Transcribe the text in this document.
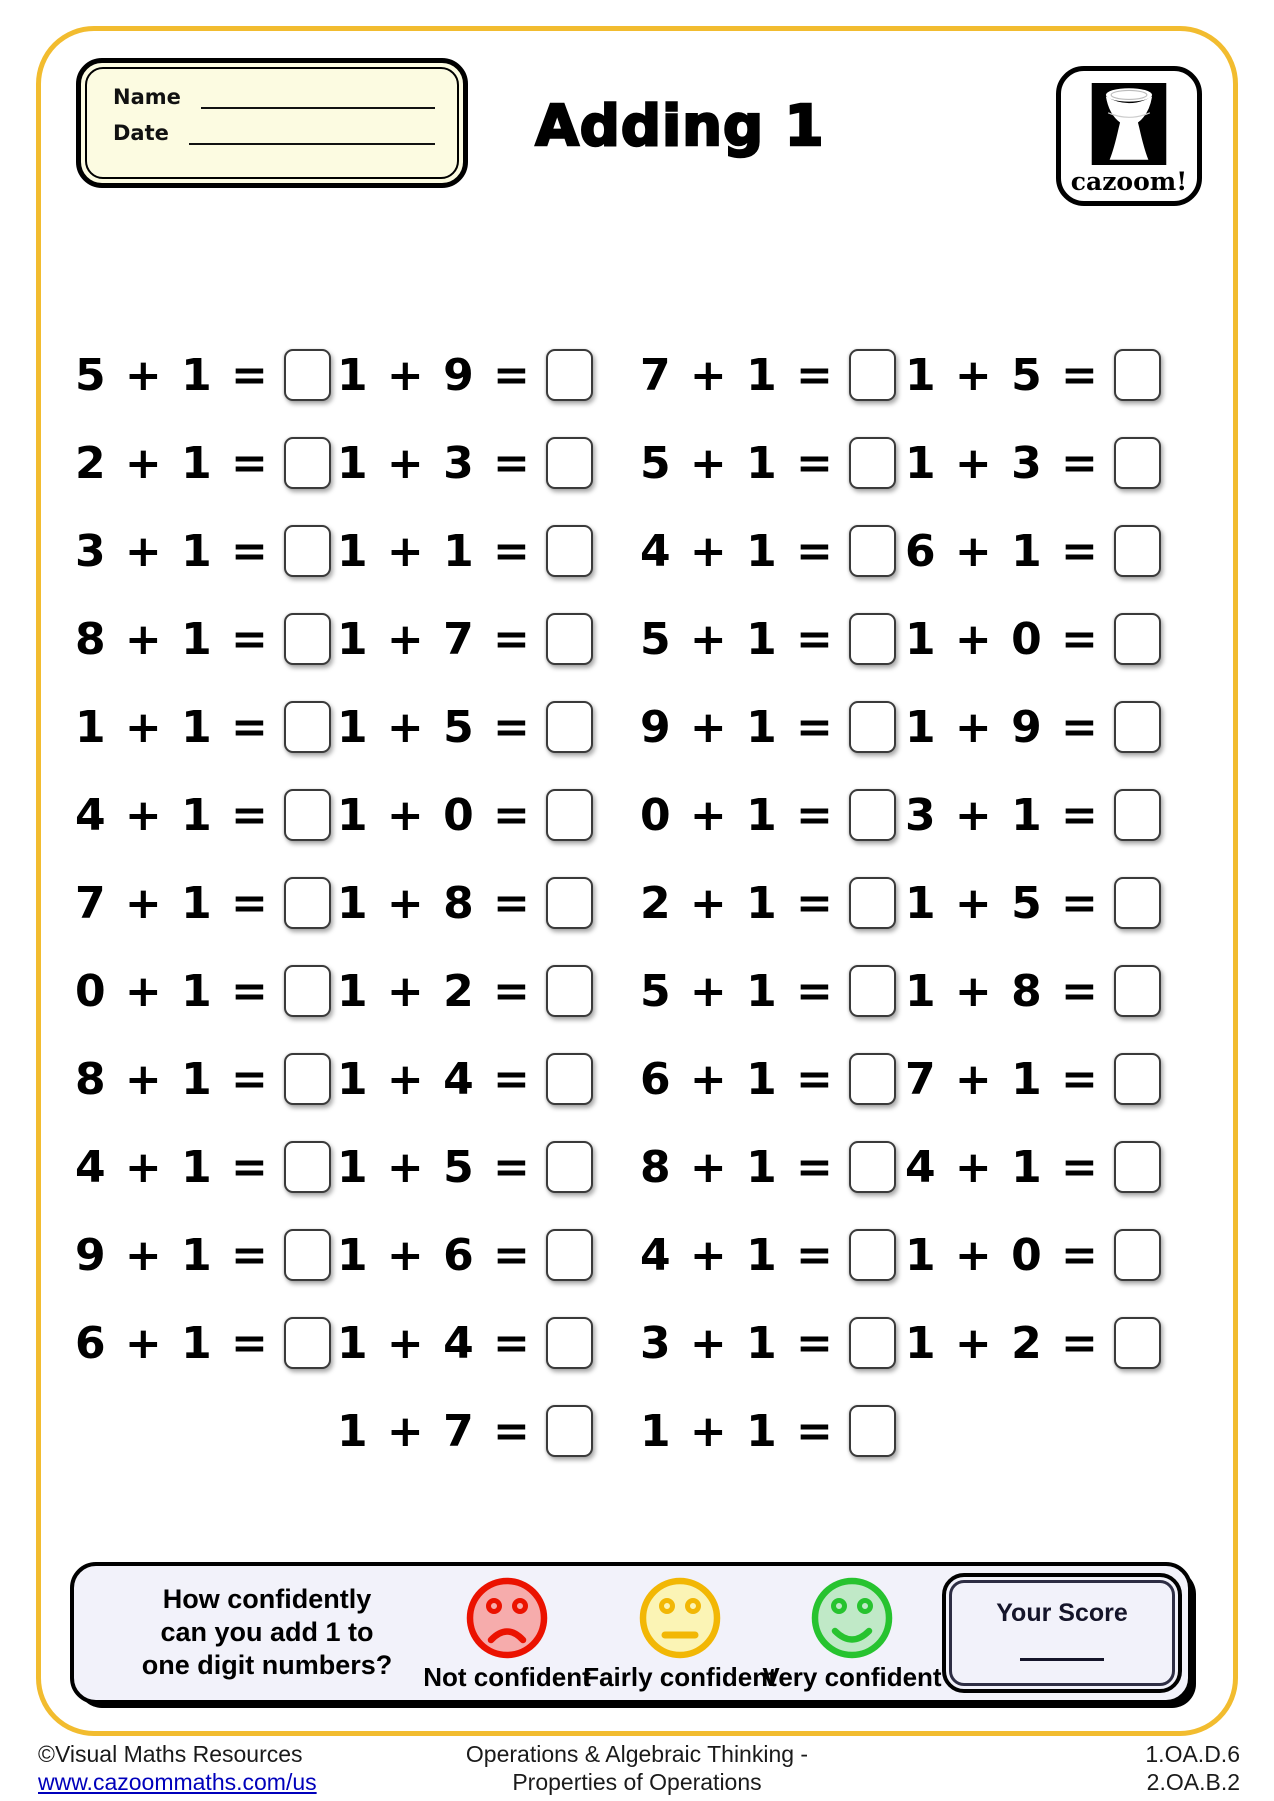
Name
Date	Adding 1
cazoom!
5 + 1 =
2 + 1 =
3 + 1 =
8 + 1 =
1 + 1 =
4 + 1 =
7 + 1 =
0 + 1 =
8 + 1 =
4 + 1 =
9 + 1 =
6 + 1 =
1 + 9 =
1 + 3 =
1 + 1 =
1 + 7 =
1 + 5 =
1 + 0 =
1 + 8 =
1 + 2 =
1 + 4 =
1 + 5 =
1 + 6 =
1 + 4 =
1 + 7 =
7 + 1 =
5 + 1 =
4 + 1 =
5 + 1 =
9 + 1 =
0 + 1 =
2 + 1 =
5 + 1 =
6 + 1 =
8 + 1 =
4 + 1 =
3 + 1 =
1 + 1 =
1 + 5 =
1 + 3 =
6 + 1 =
1 + 0 =
1 + 9 =
3 + 1 =
1 + 5 =
1 + 8 =
7 + 1 =
4 + 1 =
1 + 0 =
1 + 2 =
How confidently
can you add 1 to
one digit numbers?	Not confident
Fairly confident
Very confident
Your Score
©Visual Maths Resources
www.cazoommaths.com/us
Operations & Algebraic Thinking -
Properties of Operations
1.OA.D.6
2.OA.B.2
